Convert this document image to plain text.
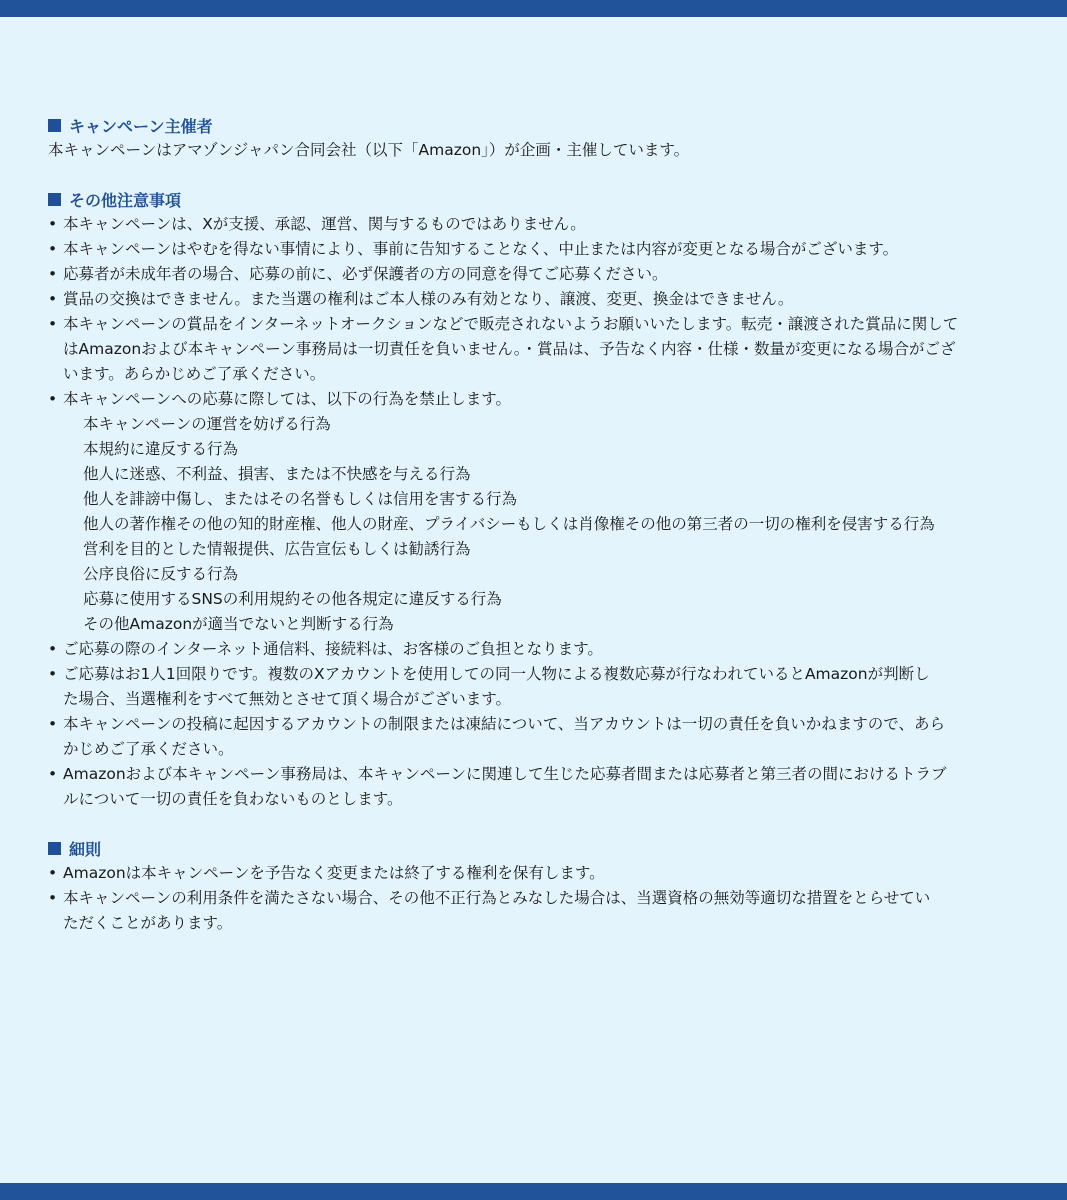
キャンペーン主催者

本キャンペーンはアマゾンジャパン合同会社（以下「Amazon」）が企画・主催しています。

その他注意事項
• 本キャンペーンは、Xが支援、承認、運営、関与するものではありません。
• 本キャンペーンはやむを得ない事情により、事前に告知することなく、中止または内容が変更となる場合がございます。
• 応募者が未成年者の場合、応募の前に、必ず保護者の方の同意を得てご応募ください。
• 賞品の交換はできません。また当選の権利はご本人様のみ有効となり、譲渡、変更、換金はできません。
• 本キャンペーンの賞品をインターネットオークションなどで販売されないようお願いいたします。転売・譲渡された賞品に関して
はAmazonおよび本キャンペーン事務局は一切責任を負いません。・賞品は、予告なく内容・仕様・数量が変更になる場合がござ
います。あらかじめご了承ください。
• 本キャンペーンへの応募に際しては、以下の行為を禁止します。
本キャンペーンの運営を妨げる行為
本規約に違反する行為
他人に迷惑、不利益、損害、または不快感を与える行為
他人を誹謗中傷し、またはその名誉もしくは信用を害する行為
他人の著作権その他の知的財産権、他人の財産、プライバシーもしくは肖像権その他の第三者の一切の権利を侵害する行為
営利を目的とした情報提供、広告宣伝もしくは勧誘行為
公序良俗に反する行為
応募に使用するSNSの利用規約その他各規定に違反する行為
その他Amazonが適当でないと判断する行為
• ご応募の際のインターネット通信料、接続料は、お客様のご負担となります。
• ご応募はお1人1回限りです。複数のXアカウントを使用しての同一人物による複数応募が行なわれているとAmazonが判断し
た場合、当選権利をすべて無効とさせて頂く場合がございます。
• 本キャンペーンの投稿に起因するアカウントの制限または凍結について、当アカウントは一切の責任を負いかねますので、あら
かじめご了承ください。
• Amazonおよび本キャンペーン事務局は、本キャンペーンに関連して生じた応募者間または応募者と第三者の間におけるトラブ
ルについて一切の責任を負わないものとします。
細則
• Amazonは本キャンペーンを予告なく変更または終了する権利を保有します。
• 本キャンペーンの利用条件を満たさない場合、その他不正行為とみなした場合は、当選資格の無効等適切な措置をとらせてい
ただくことがあります。
